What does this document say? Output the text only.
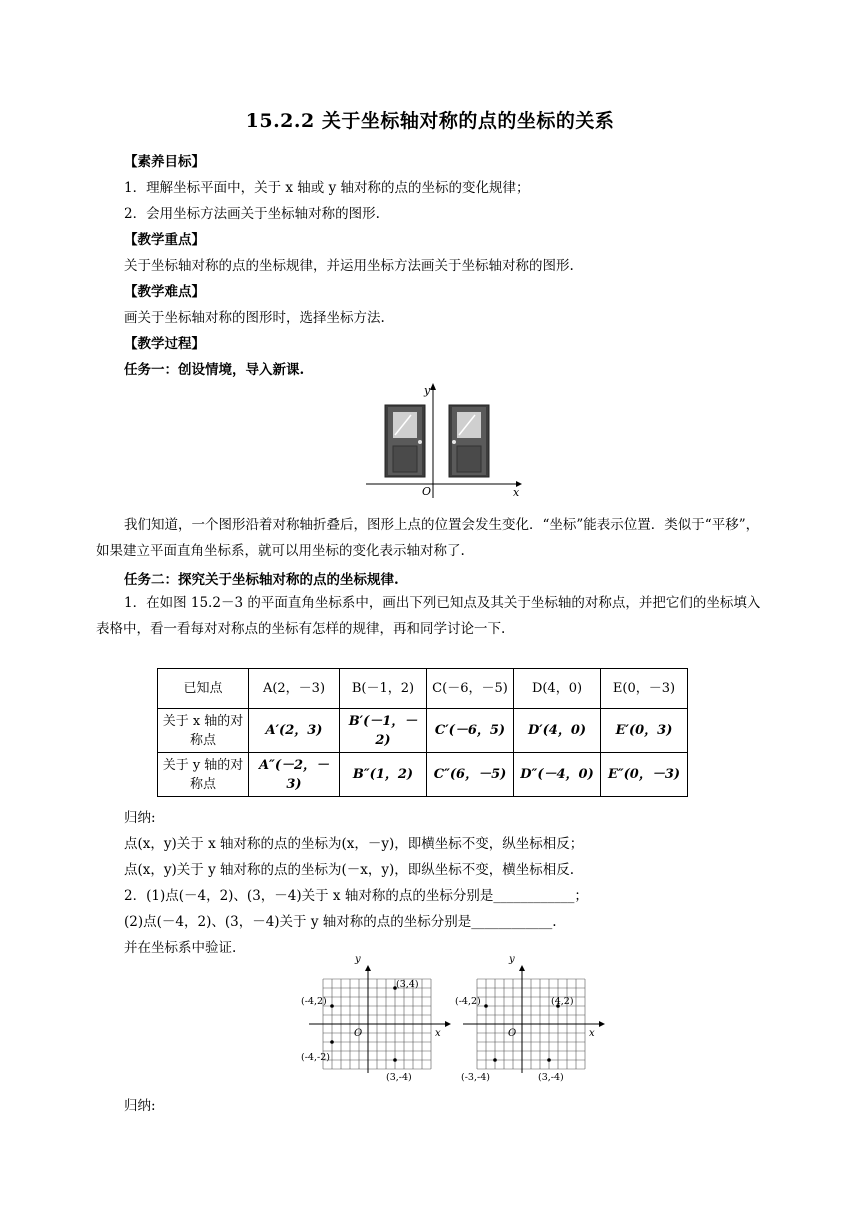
15.2.2 关于坐标轴对称的点的坐标的关系
【素养目标】
1．理解坐标平面中，关于 x 轴或 y 轴对称的点的坐标的变化规律；
2．会用坐标方法画关于坐标轴对称的图形.
【教学重点】
关于坐标轴对称的点的坐标规律，并运用坐标方法画关于坐标轴对称的图形.
【教学难点】
画关于坐标轴对称的图形时，选择坐标方法.
【教学过程】
任务一：创设情境，导入新课.
y
x
O
我们知道，一个图形沿着对称轴折叠后，图形上点的位置会发生变化．“坐标”能表示位置．类似于“平移”，如果建立平面直角坐标系，就可以用坐标的变化表示轴对称了.
任务二：探究关于坐标轴对称的点的坐标规律.
1．在如图 15.2－3 的平面直角坐标系中，画出下列已知点及其关于坐标轴的对称点，并把它们的坐标填入表格中，看一看每对对称点的坐标有怎样的规律，再和同学讨论一下.
已知点	A(2，－3)	B(－1，2)	C(－6，－5)	D(4，0)	E(0，－3)
关于 x 轴的对称点	A′(2，3)	B′(－1，－2)	C′(－6，5)	D′(4，0)	E′(0，3)
关于 y 轴的对称点	A″(－2，－3)	B″(1，2)	C″(6，－5)	D″(－4，0)	E″(0，－3)
归纳:
点(x，y)关于 x 轴对称的点的坐标为(x，－y)，即横坐标不变，纵坐标相反；
点(x，y)关于 y 轴对称的点的坐标为(－x，y)，即纵坐标不变，横坐标相反.
2．(1)点(－4，2)、(3，－4)关于 x 轴对称的点的坐标分别是____________；
(2)点(－4，2)、(3，－4)关于 y 轴对称的点的坐标分别是____________.
并在坐标系中验证.
y
x
O
(3,4)
(-4,2)
(-4,-2)
(3,-4)
y
x
O
(-4,2)	(4,2)
(-3,-4)	(3,-4)
归纳:
